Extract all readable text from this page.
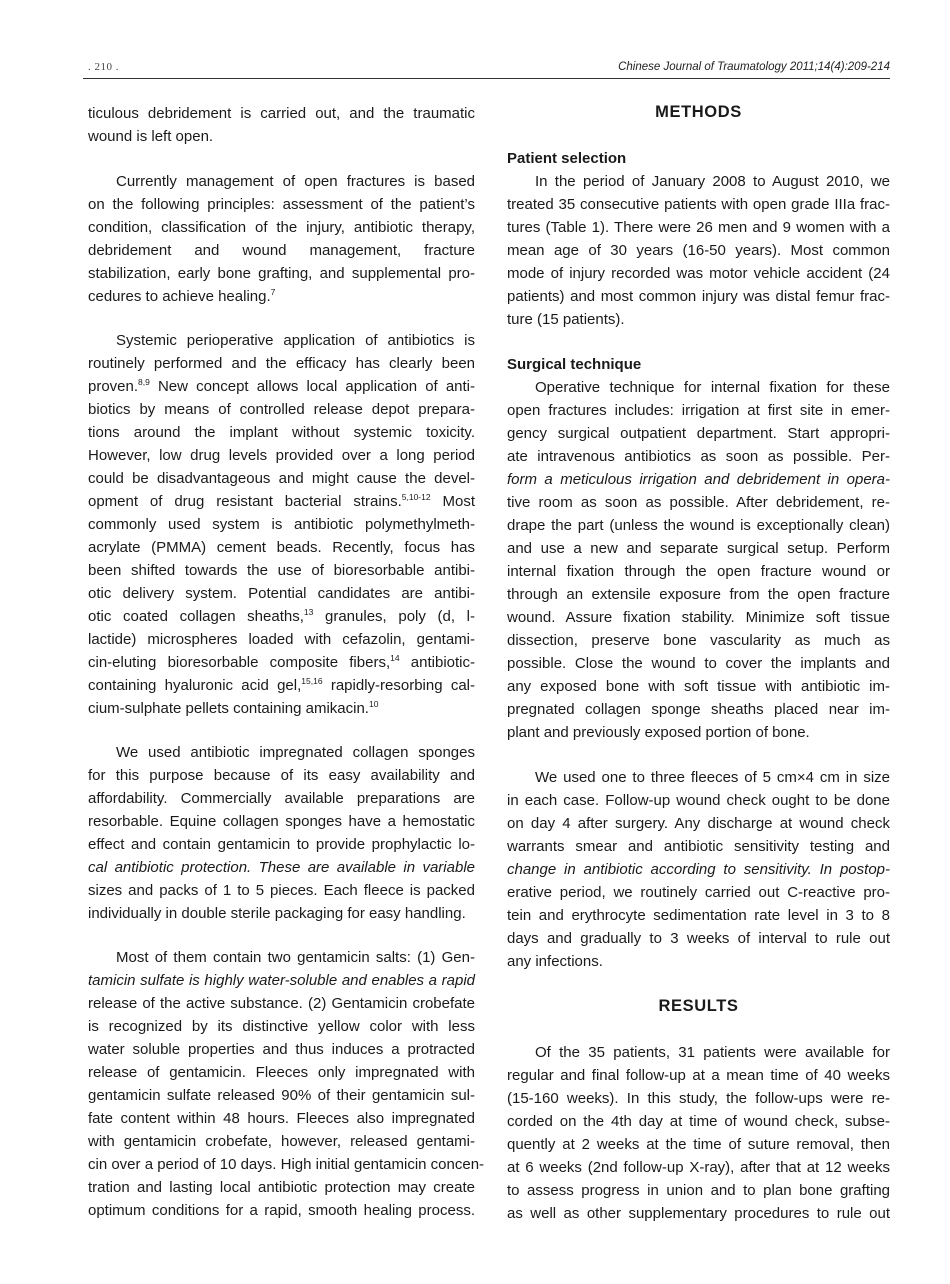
. 210 .	Chinese Journal of Traumatology 2011;14(4):209-214
ticulous debridement is carried out, and the traumatic
wound is left open.
Currently management of open fractures is based
on the following principles: assessment of the patient’s
condition, classification of the injury, antibiotic therapy,
debridement and wound management, fracture
stabilization, early bone grafting, and supplemental pro-
cedures to achieve healing.$^7$
Systemic perioperative application of antibiotics is
routinely performed and the efficacy has clearly been
proven.$^{8,9}$ New concept allows local application of anti-
biotics by means of controlled release depot prepara-
tions around the implant without systemic toxicity.
However, low drug levels provided over a long period
could be disadvantageous and might cause the devel-
opment of drug resistant bacterial strains.$^{5,10-12}$ Most
commonly used system is antibiotic polymethylmeth-
acrylate (PMMA) cement beads. Recently, focus has
been shifted towards the use of bioresorbable antibi-
otic delivery system. Potential candidates are antibi-
otic coated collagen sheaths,$^{13}$ granules, poly (d, l-
lactide) microspheres loaded with cefazolin, gentami-
cin-eluting bioresorbable composite fibers,$^{14}$ antibiotic-
containing hyaluronic acid gel,$^{15,16}$ rapidly-resorbing cal-
cium-sulphate pellets containing amikacin.$^{10}$
We used antibiotic impregnated collagen sponges
for this purpose because of its easy availability and
affordability. Commercially available preparations are
resorbable. Equine collagen sponges have a hemostatic
effect and contain gentamicin to provide prophylactic lo-
cal antibiotic protection. These are available in variable
sizes and packs of 1 to 5 pieces. Each fleece is packed
individually in double sterile packaging for easy handling.
Most of them contain two gentamicin salts: (1) Gen-
tamicin sulfate is highly water-soluble and enables a rapid
release of the active substance. (2) Gentamicin crobefate
is recognized by its distinctive yellow color with less
water soluble properties and thus induces a protracted
release of gentamicin. Fleeces only impregnated with
gentamicin sulfate released 90% of their gentamicin sul-
fate content within 48 hours. Fleeces also impregnated
with gentamicin crobefate, however, released gentami-
cin over a period of 10 days. High initial gentamicin concen-
tration and lasting local antibiotic protection may create
optimum conditions for a rapid, smooth healing process.
METHODS
Patient selection
Surgical technique
RESULTS
In the period of January 2008 to August 2010, we
treated 35 consecutive patients with open grade IIIa frac-
tures (Table 1). There were 26 men and 9 women with a
mean age of 30 years (16-50 years). Most common
mode of injury recorded was motor vehicle accident (24
patients) and most common injury was distal femur frac-
ture (15 patients).
Operative technique for internal fixation for these
open fractures includes: irrigation at first site in emer-
gency surgical outpatient department. Start appropri-
ate intravenous antibiotics as soon as possible. Per-
form a meticulous irrigation and debridement in opera-
tive room as soon as possible. After debridement, re-
drape the part (unless the wound is exceptionally clean)
and use a new and separate surgical setup. Perform
internal fixation through the open fracture wound or
through an extensile exposure from the open fracture
wound. Assure fixation stability. Minimize soft tissue
dissection, preserve bone vascularity as much as
possible. Close the wound to cover the implants and
any exposed bone with soft tissue with antibiotic im-
pregnated collagen sponge sheaths placed near im-
plant and previously exposed portion of bone.
We used one to three fleeces of 5 cm×4 cm in size
in each case. Follow-up wound check ought to be done
on day 4 after surgery. Any discharge at wound check
warrants smear and antibiotic sensitivity testing and
change in antibiotic according to sensitivity. In postop-
erative period, we routinely carried out C-reactive pro-
tein and erythrocyte sedimentation rate level in 3 to 8
days and gradually to 3 weeks of interval to rule out
any infections.
Of the 35 patients, 31 patients were available for
regular and final follow-up at a mean time of 40 weeks
(15-160 weeks). In this study, the follow-ups were re-
corded on the 4th day at time of wound check, subse-
quently at 2 weeks at the time of suture removal, then
at 6 weeks (2nd follow-up X-ray), after that at 12 weeks
to assess progress in union and to plan bone grafting
as well as other supplementary procedures to rule out
